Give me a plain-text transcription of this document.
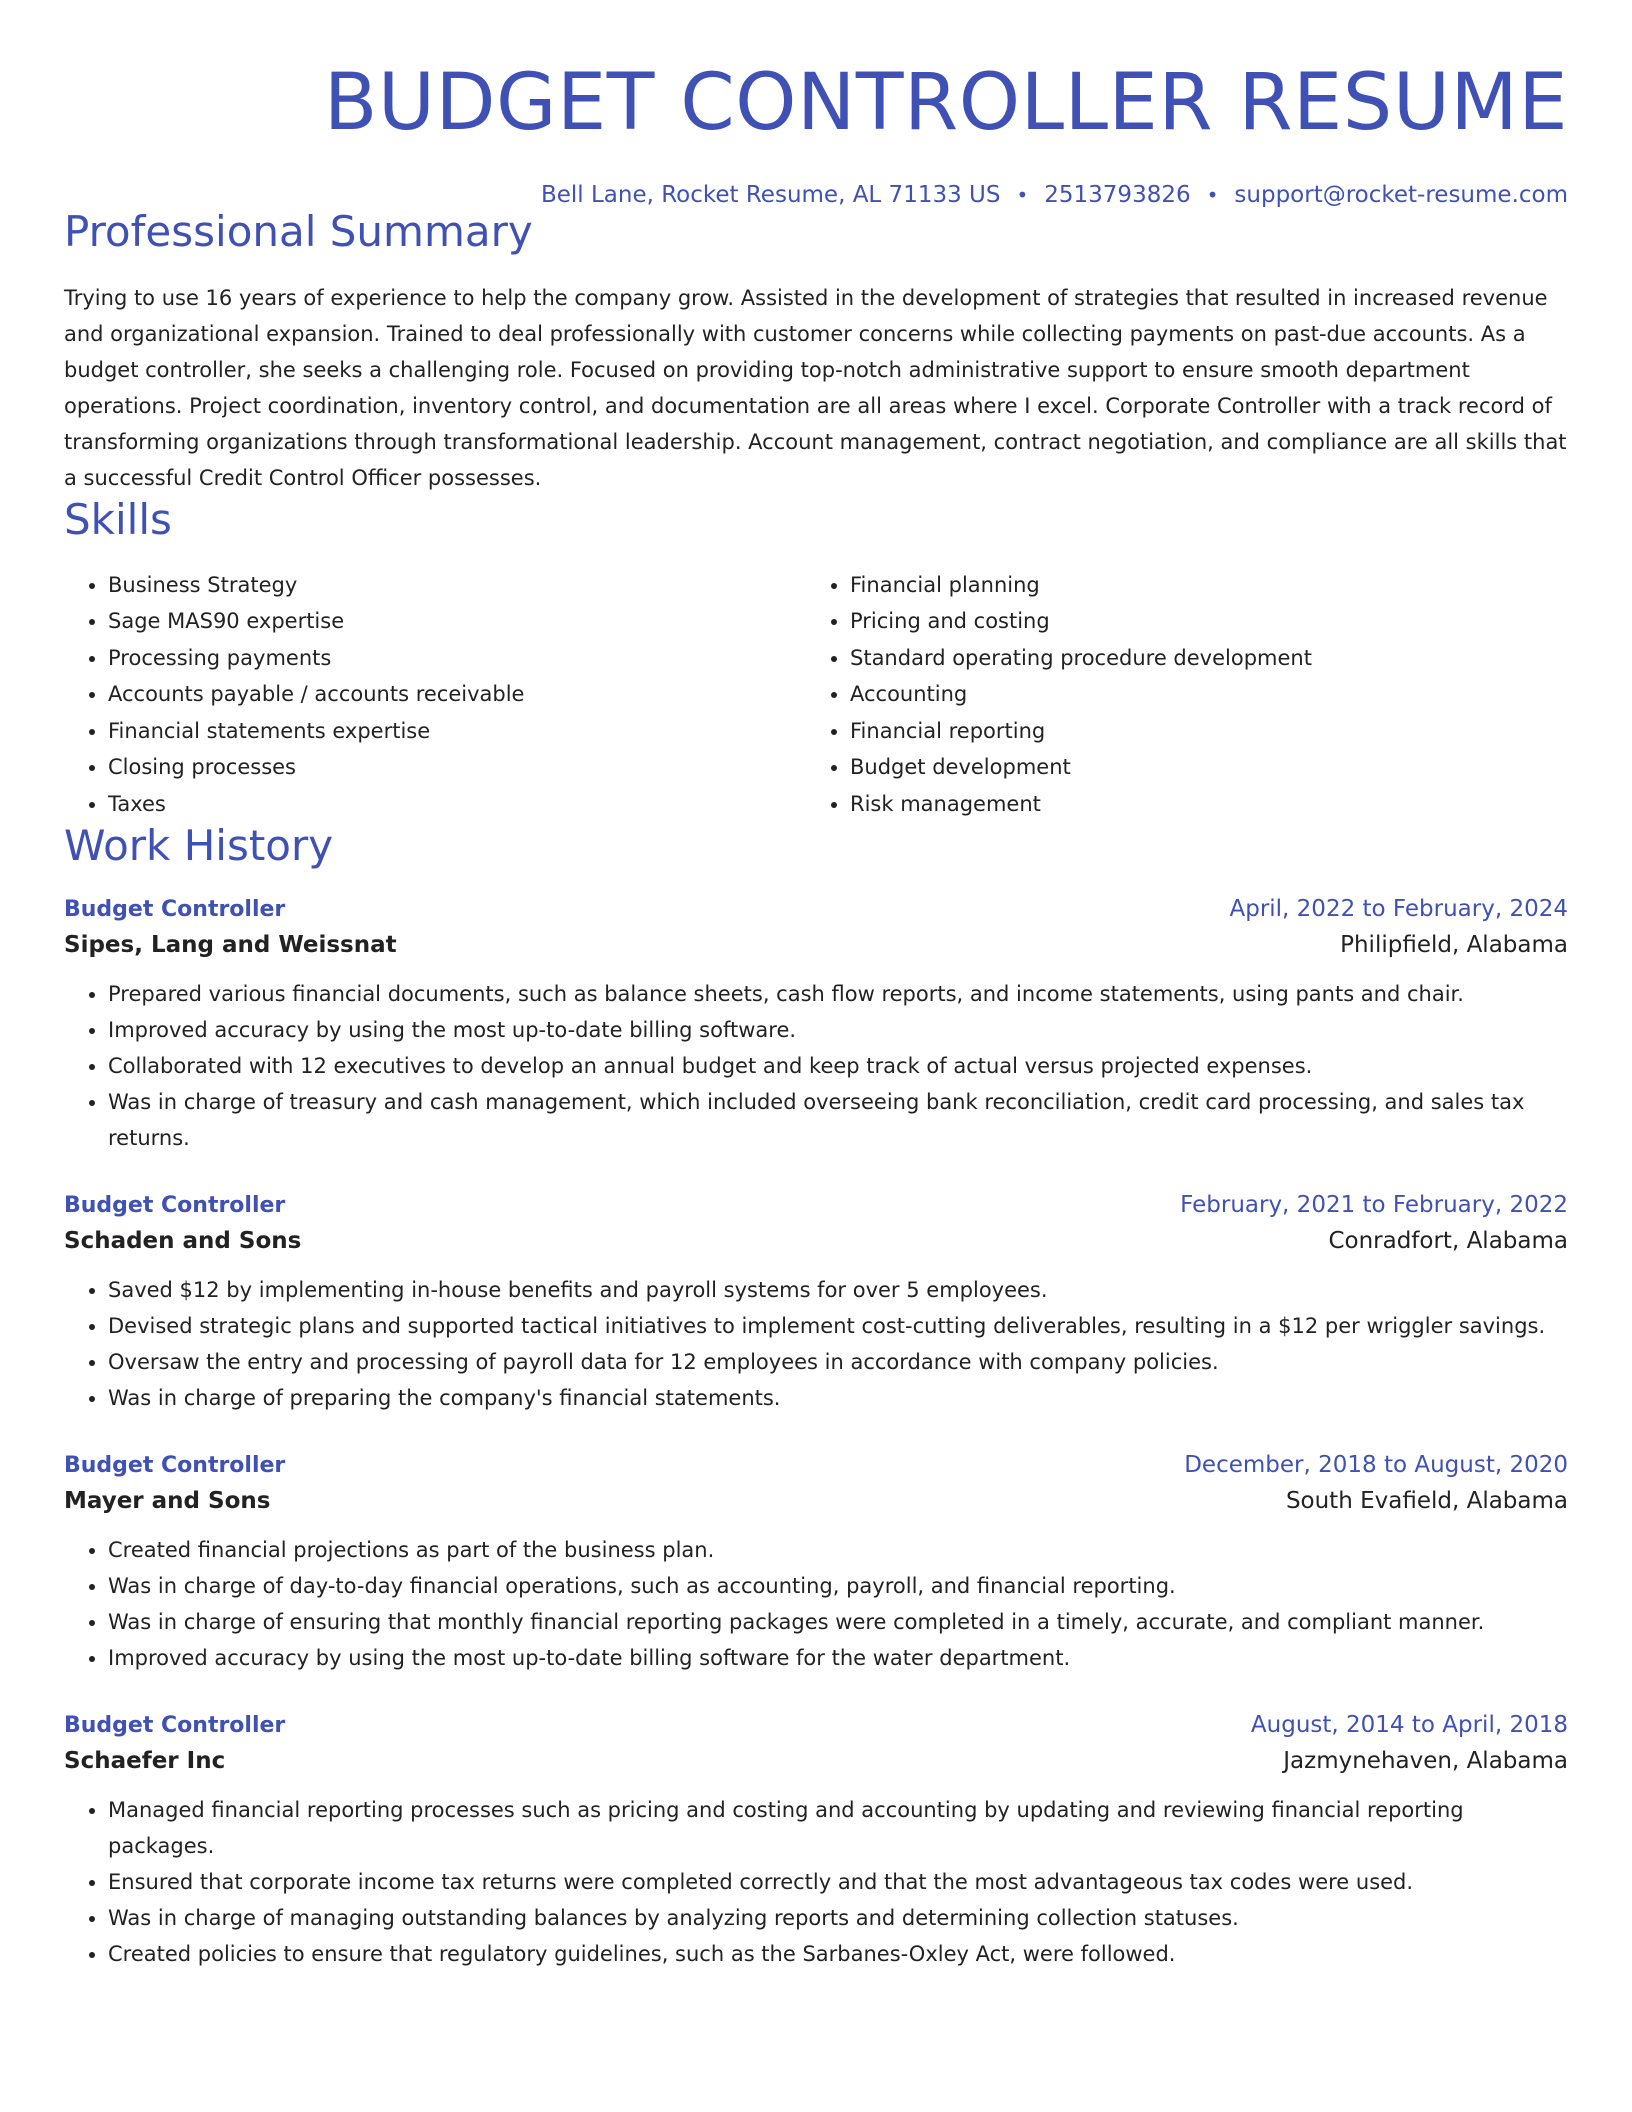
BUDGET CONTROLLER RESUME
Bell Lane, Rocket Resume, AL 71133 US • 2513793826 • support@rocket-resume.com
Professional Summary
Trying to use 16 years of experience to help the company grow. Assisted in the development of strategies that resulted in increased revenue and organizational expansion. Trained to deal professionally with customer concerns while collecting payments on past-due accounts. As a budget controller, she seeks a challenging role. Focused on providing top-notch administrative support to ensure smooth department operations. Project coordination, inventory control, and documentation are all areas where I excel. Corporate Controller with a track record of transforming organizations through transformational leadership. Account management, contract negotiation, and compliance are all skills that a successful Credit Control Officer possesses.
Skills
• Business Strategy
• Sage MAS90 expertise
• Processing payments
• Accounts payable / accounts receivable
• Financial statements expertise
• Closing processes
• Taxes
• Financial planning
• Pricing and costing
• Standard operating procedure development
• Accounting
• Financial reporting
• Budget development
• Risk management
Work History
Budget Controller	April, 2022 to February, 2024
Sipes, Lang and Weissnat	Philipfield, Alabama
• Prepared various financial documents, such as balance sheets, cash flow reports, and income statements, using pants and chair.
• Improved accuracy by using the most up-to-date billing software.
• Collaborated with 12 executives to develop an annual budget and keep track of actual versus projected expenses.
• Was in charge of treasury and cash management, which included overseeing bank reconciliation, credit card processing, and sales tax returns.
Budget Controller	February, 2021 to February, 2022
Schaden and Sons	Conradfort, Alabama
• Saved $12 by implementing in-house benefits and payroll systems for over 5 employees.
• Devised strategic plans and supported tactical initiatives to implement cost-cutting deliverables, resulting in a $12 per wriggler savings.
• Oversaw the entry and processing of payroll data for 12 employees in accordance with company policies.
• Was in charge of preparing the company's financial statements.
Budget Controller	December, 2018 to August, 2020
Mayer and Sons	South Evafield, Alabama
• Created financial projections as part of the business plan.
• Was in charge of day-to-day financial operations, such as accounting, payroll, and financial reporting.
• Was in charge of ensuring that monthly financial reporting packages were completed in a timely, accurate, and compliant manner.
• Improved accuracy by using the most up-to-date billing software for the water department.
Budget Controller	August, 2014 to April, 2018
Schaefer Inc	Jazmynehaven, Alabama
• Managed financial reporting processes such as pricing and costing and accounting by updating and reviewing financial reporting packages.
• Ensured that corporate income tax returns were completed correctly and that the most advantageous tax codes were used.
• Was in charge of managing outstanding balances by analyzing reports and determining collection statuses.
• Created policies to ensure that regulatory guidelines, such as the Sarbanes-Oxley Act, were followed.
